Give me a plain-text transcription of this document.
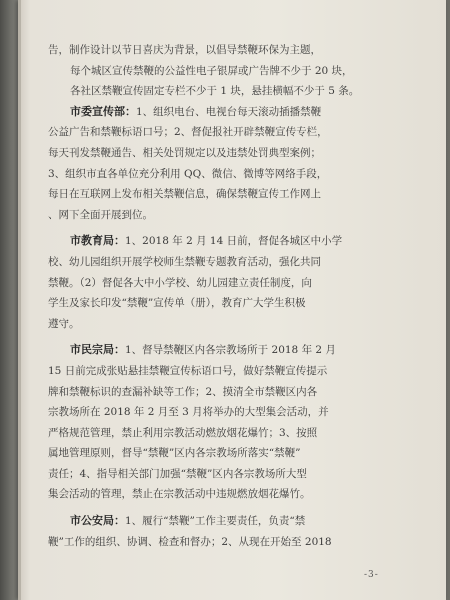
告，制作设计以节日喜庆为背景，以倡导禁鞭环保为主题，
每个城区宣传禁鞭的公益性电子银屏或广告牌不少于 20 块，
各社区禁鞭宣传固定专栏不少于 1 块，悬挂横幅不少于 5 条。
市委宣传部：1、组织电台、电视台每天滚动插播禁鞭
公益广告和禁鞭标语口号；2、督促报社开辟禁鞭宣传专栏，
每天刊发禁鞭通告、相关处罚规定以及违禁处罚典型案例；
3、组织市直各单位充分利用 QQ、微信、微博等网络手段，
每日在互联网上发布相关禁鞭信息，确保禁鞭宣传工作网上
、网下全面开展到位。
市教育局：1、2018 年 2 月 14 日前，督促各城区中小学
校、幼儿园组织开展学校师生禁鞭专题教育活动，强化共同
禁鞭。（2）督促各大中小学校、幼儿园建立责任制度，向
学生及家长印发“禁鞭”宣传单（册），教育广大学生积极
遵守。
市民宗局：1、督导禁鞭区内各宗教场所于 2018 年 2 月
15 日前完成张贴悬挂禁鞭宣传标语口号，做好禁鞭宣传提示
牌和禁鞭标识的查漏补缺等工作；2、摸清全市禁鞭区内各
宗教场所在 2018 年 2 月至 3 月将举办的大型集会活动，并
严格规范管理，禁止利用宗教活动燃放烟花爆竹；3、按照
属地管理原则，督导“禁鞭”区内各宗教场所落实“禁鞭”
责任；4、指导相关部门加强“禁鞭”区内各宗教场所大型
集会活动的管理，禁止在宗教活动中违规燃放烟花爆竹。
市公安局：1、履行“禁鞭”工作主要责任，负责“禁
鞭”工作的组织、协调、检查和督办；2、从现在开始至 2018
-3-
